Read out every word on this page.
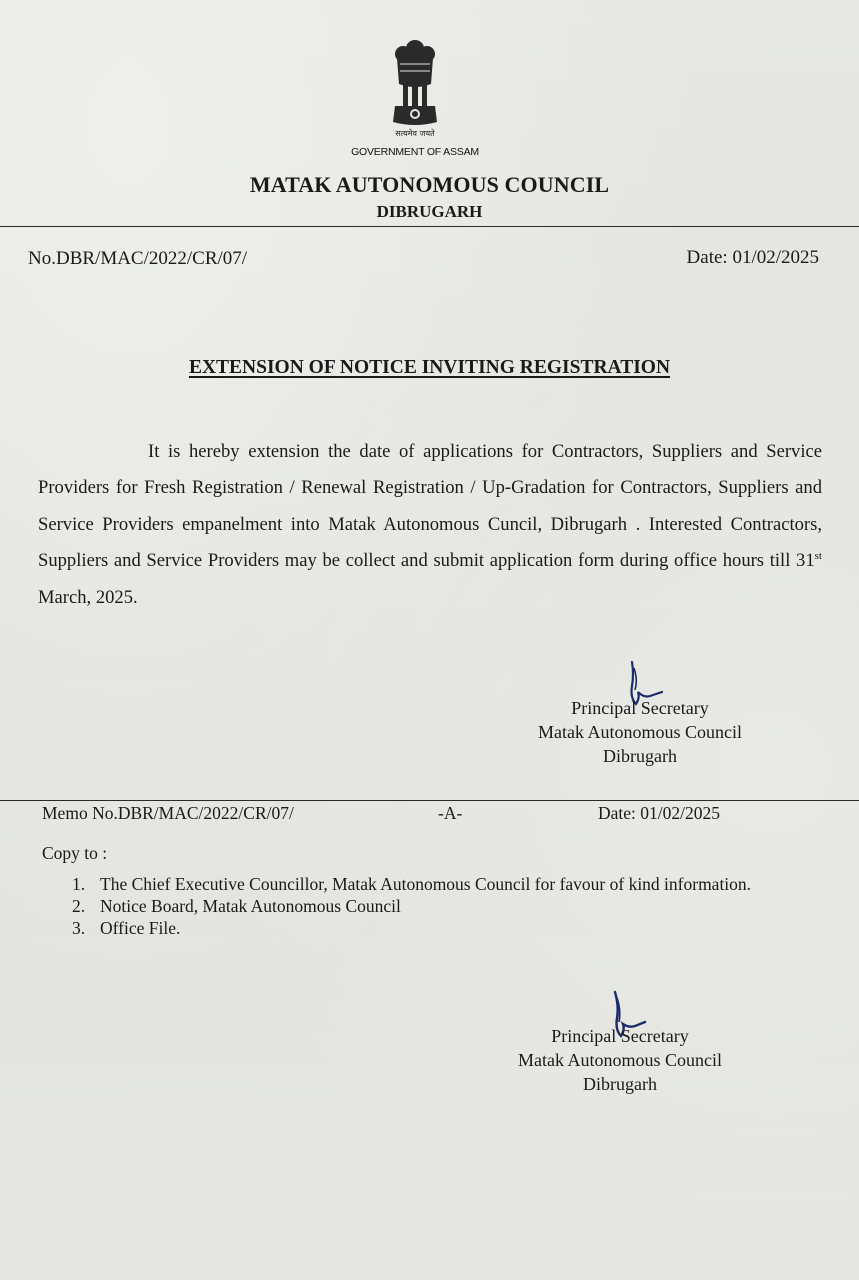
सत्यमेव जयते
GOVERNMENT OF ASSAM
MATAK AUTONOMOUS COUNCIL
DIBRUGARH
No.DBR/MAC/2022/CR/07/	Date: 01/02/2025
EXTENSION OF NOTICE INVITING REGISTRATION
It is hereby extension the date of applications for Contractors, Suppliers and Service Providers for Fresh Registration / Renewal Registration / Up-Gradation for Contractors, Suppliers and Service Providers empanelment into Matak Autonomous Cuncil, Dibrugarh . Interested Contractors, Suppliers and Service Providers may be collect and submit application form during office hours till 31st March, 2025.
Principal Secretary
Matak Autonomous Council
Dibrugarh
Memo No.DBR/MAC/2022/CR/07/	-A-	Date: 01/02/2025
Copy to :
1. The Chief Executive Councillor, Matak Autonomous Council for favour of kind information.
2. Notice Board, Matak Autonomous Council
3. Office File.
Principal Secretary
Matak Autonomous Council
Dibrugarh
